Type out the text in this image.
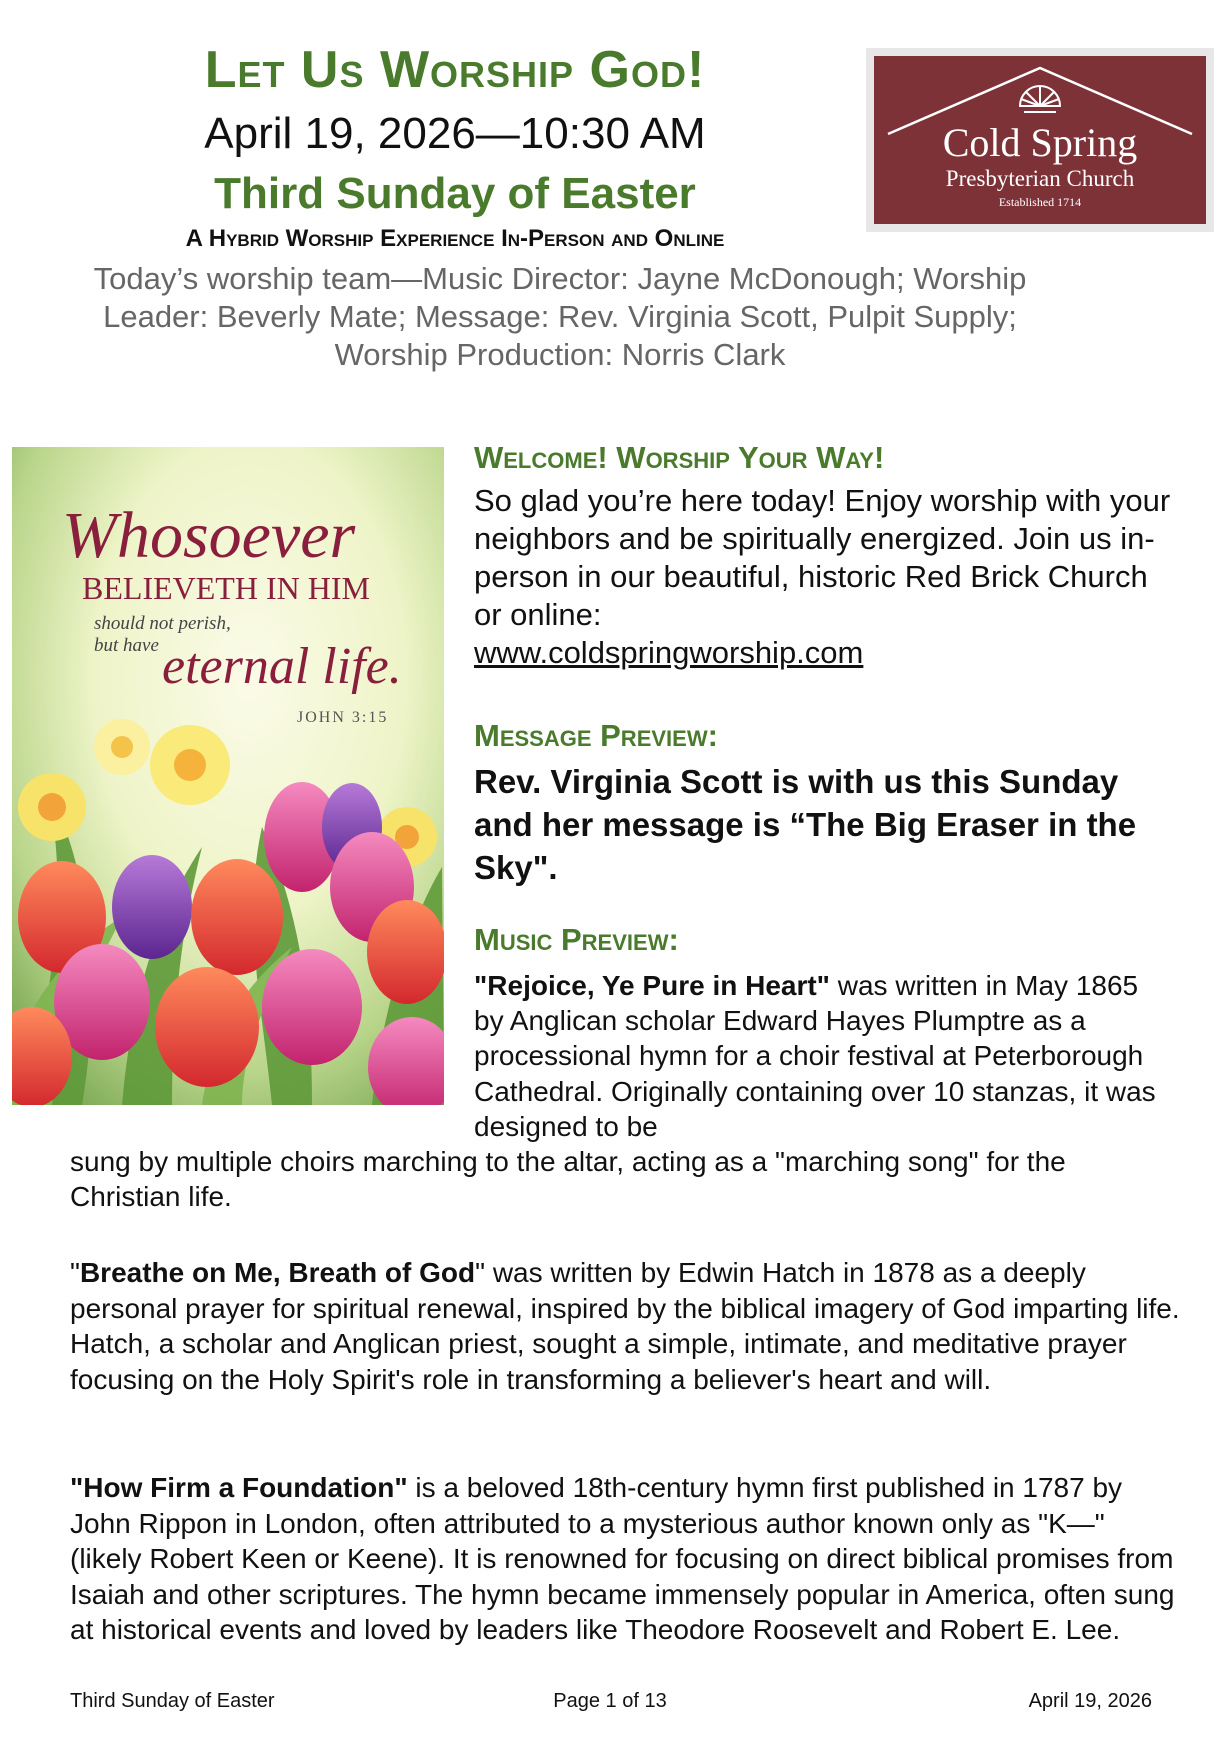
Let Us Worship God!
April 19, 2026—10:30 AM
Third Sunday of Easter
A Hybrid Worship Experience In-Person and Online
Today’s worship team—Music Director: Jayne McDonough; Worship Leader: Beverly Mate; Message: Rev. Virginia Scott, Pulpit Supply; Worship Production: Norris Clark
Cold Spring
Presbyterian Church
Established 1714
Whosoever
BELIEVETH IN HIM
should not perish,
but have eternal life.
JOHN 3:15
Welcome! Worship Your Way!
So glad you’re here today! Enjoy worship with your neighbors and be spiritually energized. Join us in-person in our beautiful, historic Red Brick Church or online:
www.coldspringworship.com
Message Preview:
Rev. Virginia Scott is with us this Sunday and her message is “The Big Eraser in the Sky".
Music Preview:
"Rejoice, Ye Pure in Heart" was written in May 1865 by Anglican scholar Edward Hayes Plumptre as a processional hymn for a choir festival at Peterborough Cathedral. Originally containing over 10 stanzas, it was designed to be
sung by multiple choirs marching to the altar, acting as a "marching song" for the Christian life.
"Breathe on Me, Breath of God" was written by Edwin Hatch in 1878 as a deeply personal prayer for spiritual renewal, inspired by the biblical imagery of God imparting life. Hatch, a scholar and Anglican priest, sought a simple, intimate, and meditative prayer focusing on the Holy Spirit's role in transforming a believer's heart and will.
"How Firm a Foundation" is a beloved 18th-century hymn first published in 1787 by John Rippon in London, often attributed to a mysterious author known only as "K—" (likely Robert Keen or Keene). It is renowned for focusing on direct biblical promises from Isaiah and other scriptures. The hymn became immensely popular in America, often sung at historical events and loved by leaders like Theodore Roosevelt and Robert E. Lee.
Third Sunday of Easter	Page 1 of 13	April 19, 2026
